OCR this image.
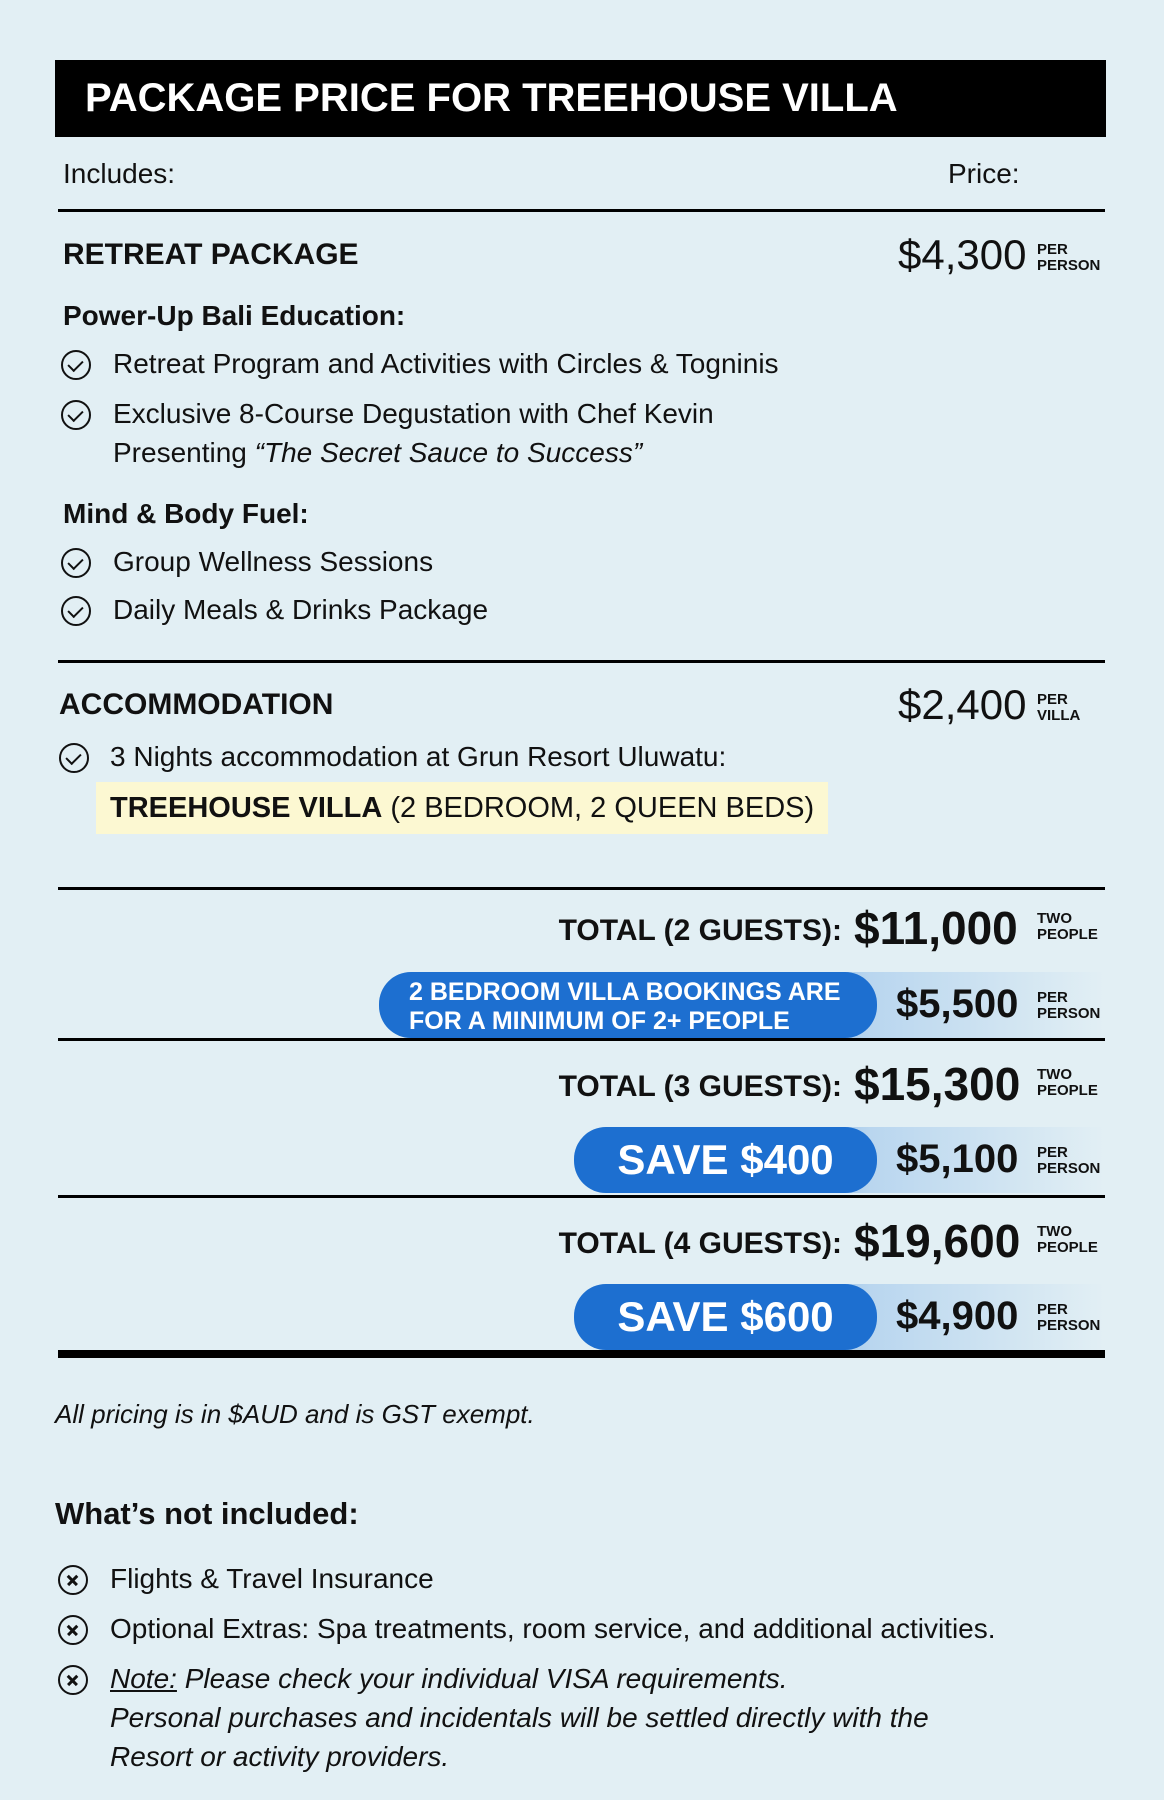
PACKAGE PRICE FOR TREEHOUSE VILLA
Includes:	Price:
RETREAT PACKAGE	$4,300 PER
PERSON
Power-Up Bali Education:
Retreat Program and Activities with Circles & Togninis
Exclusive 8-Course Degustation with Chef Kevin
Presenting “The Secret Sauce to Success”
Mind & Body Fuel:
Group Wellness Sessions
Daily Meals & Drinks Package
ACCOMMODATION	$2,400 PER
VILLA
3 Nights accommodation at Grun Resort Uluwatu:
TREEHOUSE VILLA (2 BEDROOM, 2 QUEEN BEDS)
TOTAL (2 GUESTS): $11,000 TWO
PEOPLE
2 BEDROOM VILLA BOOKINGS ARE
FOR A MINIMUM OF 2+ PEOPLE	$5,500 PER
PERSON
TOTAL (3 GUESTS): $15,300 TWO
PEOPLE
SAVE $400	$5,100 PER
PERSON
TOTAL (4 GUESTS): $19,600 TWO
PEOPLE
SAVE $600	$4,900 PER
PERSON
All pricing is in $AUD and is GST exempt.
What’s not included:
Flights & Travel Insurance
Optional Extras: Spa treatments, room service, and additional activities.
Note: Please check your individual VISA requirements.
Personal purchases and incidentals will be settled directly with the
Resort or activity providers.
